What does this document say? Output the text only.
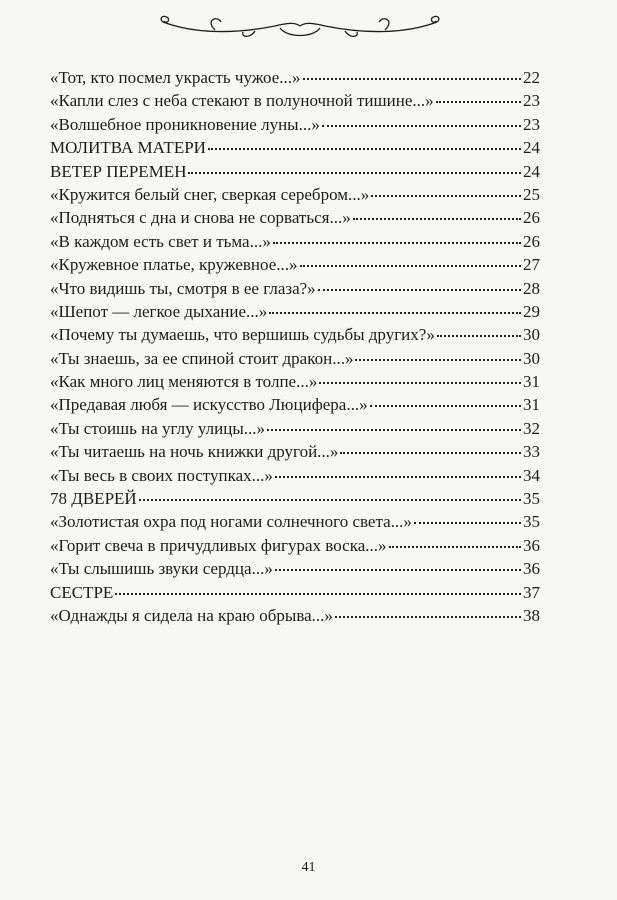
«Тот, кто посмел украсть чужое...»	22
«Капли слез с неба стекают в полуночной тишине...»	23
«Волшебное проникновение луны...»	23
МОЛИТВА МАТЕРИ	24
ВЕТЕР ПЕРЕМЕН	24
«Кружится белый снег, сверкая серебром...»	25
«Подняться с дна и снова не сорваться...»	26
«В каждом есть свет и тьма...»	26
«Кружевное платье, кружевное...»	27
«Что видишь ты, смотря в ее глаза?»	28
«Шепот — легкое дыхание...»	29
«Почему ты думаешь, что вершишь судьбы других?»	30
«Ты знаешь, за ее спиной стоит дракон...»	30
«Как много лиц меняются в толпе...»	31
«Предавая любя — искусство Люцифера...»	31
«Ты стоишь на углу улицы...»	32
«Ты читаешь на ночь книжки другой...»	33
«Ты весь в своих поступках...»	34
78 ДВЕРЕЙ	35
«Золотистая охра под ногами солнечного света...»	35
«Горит свеча в причудливых фигурах воска...»	36
«Ты слышишь звуки сердца...»	36
СЕСТРЕ	37
«Однажды я сидела на краю обрыва...»	38
41
